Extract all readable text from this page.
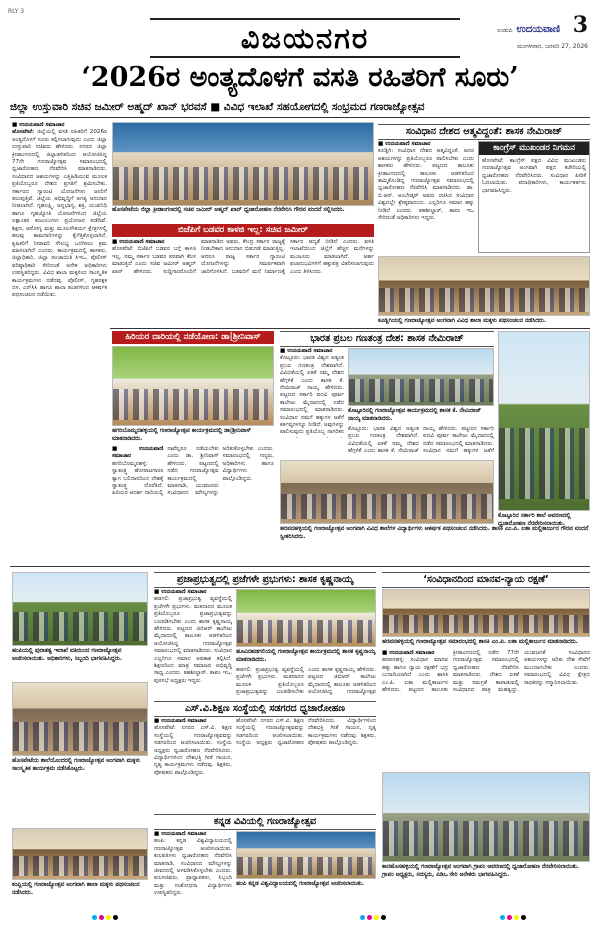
RLY 3
ವಿಜಯನಗರ	ಉಡುಪಿ ಉದಯವಾಣಿ 3
ಮಂಗಳವಾರ, ಜನವರಿ 27, 2026
‘2026ರ ಅಂತ್ಯದೊಳಗೆ ವಸತಿ ರಹಿತರಿಗೆ ಸೂರು’
ಜಿಲ್ಲಾ ಉಸ್ತುವಾರಿ ಸಚಿವ ಜಮೀರ್ ಅಹ್ಮದ್ ಖಾನ್ ಭರವಸೆ ■ ವಿವಿಧ ಇಲಾಖೆ ಸಹಯೋಗದಲ್ಲಿ ಸಂಭ್ರಮದ ಗಣರಾಜ್ಯೋತ್ಸವ
■ ಉದಯವಾಣಿ ಸಮಾಚಾರ

ಹೊಸಪೇಟೆ: ಜಿಲ್ಲೆಯಲ್ಲಿ ವಸತಿ ರಹಿತರಿಗೆ 2026ರ ಅಂತ್ಯದೊಳಗೆ ಸೂರು ಕಲ್ಪಿಸಲಾಗುವುದು ಎಂದು ಜಿಲ್ಲಾ ಉಸ್ತುವಾರಿ ಸಚಿವರು ಹೇಳಿದರು. ನಗರದ ಜಿಲ್ಲಾ ಕ್ರೀಡಾಂಗಣದಲ್ಲಿ ಜಿಲ್ಲಾಡಳಿತದಿಂದ ಆಯೋಜಿಸಿದ್ದ 77ನೇ ಗಣರಾಜ್ಯೋತ್ಸವ ಸಮಾರಂಭದಲ್ಲಿ ಧ್ವಜಾರೋಹಣ ನೆರವೇರಿಸಿ ಮಾತನಾಡಿದರು. ಸಂವಿಧಾನದ ಆಶಯಗಳನ್ನು ಎತ್ತಿಹಿಡಿಯುವ ಮೂಲಕ ಪ್ರತಿಯೊಬ್ಬರೂ ದೇಶದ ಪ್ರಗತಿಗೆ ಶ್ರಮಿಸಬೇಕು. ಸರ್ಕಾರದ ಗ್ಯಾರಂಟಿ ಯೋಜನೆಗಳು ಜನರಿಗೆ ತಲುಪುತ್ತಿವೆ. ಜಿಲ್ಲೆಯ ಅಭಿವೃದ್ಧಿಗೆ ಅಗತ್ಯ ಅನುದಾನ ನೀಡಲಾಗಿದೆ. ಗೃಹಲಕ್ಷ್ಮಿ, ಅನ್ನಭಾಗ್ಯ, ಶಕ್ತಿ, ಯುವನಿಧಿ ಹಾಗೂ ಗೃಹಜ್ಯೋತಿ ಯೋಜನೆಗಳಿಂದ ಜಿಲ್ಲೆಯ ಲಕ್ಷಾಂತರ ಕುಟುಂಬಗಳು ಪ್ರಯೋಜನ ಪಡೆದಿವೆ. ಶಿಕ್ಷಣ, ಆರೋಗ್ಯ ಮತ್ತು ಮೂಲಸೌಕರ್ಯ ಕ್ಷೇತ್ರಗಳಲ್ಲಿ ಹಲವು ಕಾಮಗಾರಿಗಳನ್ನು ಕೈಗೆತ್ತಿಕೊಳ್ಳಲಾಗಿದೆ. ಕೃಷಿಕರಿಗೆ ನೀರಾವರಿ ಸೌಲಭ್ಯ ಒದಗಿಸಲು ಕ್ರಮ ವಹಿಸಲಾಗಿದೆ ಎಂದರು. ಕಾರ್ಯಕ್ರಮದಲ್ಲಿ ಶಾಸಕರು, ಜಿಲ್ಲಾಧಿಕಾರಿ, ಜಿಲ್ಲಾ ಪಂಚಾಯಿತಿ ಸಿಇಒ, ಪೊಲೀಸ್ ವರಿಷ್ಠಾಧಿಕಾರಿ ಸೇರಿದಂತೆ ಅನೇಕ ಅಧಿಕಾರಿಗಳು ಉಪಸ್ಥಿತರಿದ್ದರು. ವಿವಿಧ ಶಾಲಾ ಮಕ್ಕಳಿಂದ ಸಾಂಸ್ಕೃತಿಕ ಕಾರ್ಯಕ್ರಮಗಳು ನಡೆದವು. ಪೊಲೀಸ್, ಗೃಹರಕ್ಷಕ ದಳ, ಎನ್‌ಸಿಸಿ ಹಾಗೂ ಶಾಲಾ ತಂಡಗಳಿಂದ ಆಕರ್ಷಕ ಪಥಸಂಚಲನ ನಡೆಯಿತು.

ಹೊಸಪೇಟೆಯ ಜಿಲ್ಲಾ ಕ್ರೀಡಾಂಗಣದಲ್ಲಿ ಸಚಿವ ಜಮೀರ್ ಅಹ್ಮದ್ ಖಾನ್ ಧ್ವಜಾರೋಹಣ ನೆರವೇರಿಸಿ ಗೌರವ ವಂದನೆ ಸಲ್ಲಿಸಿದರು.
ಬಿಜೆಪಿಗೆ ಬಡವರ ಕಾಳಜಿ ಇಲ್ಲ: ಸಚಿವ ಜಮೀರ್
■ ಉದಯವಾಣಿ ಸಮಾಚಾರ
ಹೊಸಪೇಟೆ: ಬಿಜೆಪಿಗೆ ಬಡವರ ಬಗ್ಗೆ ಕಾಳಜಿ ಇಲ್ಲ. ನಮ್ಮ ಸರ್ಕಾರ ಬಡವರ ಪರವಾಗಿ ಕೆಲಸ ಮಾಡುತ್ತಿದೆ ಎಂದು ಸಚಿವ ಜಮೀರ್ ಅಹ್ಮದ್ ಖಾನ್ ಹೇಳಿದರು. ಸುದ್ದಿಗಾರರೊಂದಿಗೆ ಮಾತನಾಡಿದ ಅವರು, ಕೇಂದ್ರ ಸರ್ಕಾರ ರಾಜ್ಯಕ್ಕೆ ನೀಡಬೇಕಾದ ಅನುದಾನ ಬಿಡುಗಡೆ ಮಾಡುತ್ತಿಲ್ಲ. ಆದರೂ ರಾಜ್ಯ ಸರ್ಕಾರ ಗ್ಯಾರಂಟಿ ಯೋಜನೆಗಳನ್ನು ಸಮರ್ಪಕವಾಗಿ ಜಾರಿಗೊಳಿಸಿದೆ. ಬಡವರಿಗೆ ಮನೆ ನಿರ್ಮಾಣಕ್ಕೆ ಸರ್ಕಾರ ಆದ್ಯತೆ ನೀಡಿದೆ ಎಂದರು. ವಸತಿ ಇಲಾಖೆಯಿಂದ ಜಿಲ್ಲೆಗೆ ಹೆಚ್ಚಿನ ಮನೆಗಳನ್ನು ಮಂಜೂರು ಮಾಡಲಾಗಿದೆ. ಅರ್ಹ ಫಲಾನುಭವಿಗಳಿಗೆ ಹಕ್ಕುಪತ್ರ ವಿತರಿಸಲಾಗುವುದು ಎಂದು ತಿಳಿಸಿದರು.
ಸಂವಿಧಾನ ದೇಶದ ಆತ್ಮವಿದ್ದಂತೆ: ಶಾಸಕ ನೇಮಿರಾಜ್
■ ಉದಯವಾಣಿ ಸಮಾಚಾರ
ಕೂಡ್ಲಿಗಿ: ಸಂವಿಧಾನ ದೇಶದ ಆತ್ಮವಿದ್ದಂತೆ. ಅದರ ಆಶಯಗಳನ್ನು ಪ್ರತಿಯೊಬ್ಬರೂ ಪಾಲಿಸಬೇಕು ಎಂದು ಶಾಸಕರು ಹೇಳಿದರು. ಪಟ್ಟಣದ ತಾಲೂಕು ಕ್ರೀಡಾಂಗಣದಲ್ಲಿ ತಾಲೂಕು ಆಡಳಿತದಿಂದ ಹಮ್ಮಿಕೊಂಡಿದ್ದ ಗಣರಾಜ್ಯೋತ್ಸವ ಸಮಾರಂಭದಲ್ಲಿ ಧ್ವಜಾರೋಹಣ ನೆರವೇರಿಸಿ ಮಾತನಾಡಿದರು. ಡಾ. ಬಿ.ಆರ್. ಅಂಬೇಡ್ಕರ್ ಅವರು ರಚಿಸಿದ ಸಂವಿಧಾನ ವಿಶ್ವದಲ್ಲೇ ಶ್ರೇಷ್ಠವಾದುದು. ಎಲ್ಲರಿಗೂ ಸಮಾನ ಹಕ್ಕು ನೀಡಿದೆ ಎಂದರು. ತಹಶೀಲ್ದಾರ್, ತಾಪಂ ಇಒ ಸೇರಿದಂತೆ ಅಧಿಕಾರಿಗಳು ಇದ್ದರು.
ಕಾಂಗ್ರೆಸ್ ಮುಖಂಡರ ನಿಗಮನ
ಹೊಸಪೇಟೆ: ಕಾಂಗ್ರೆಸ್ ಪಕ್ಷದ ವಿವಿಧ ಮುಖಂಡರು ಗಣರಾಜ್ಯೋತ್ಸವ ಅಂಗವಾಗಿ ಪಕ್ಷದ ಕಚೇರಿಯಲ್ಲಿ ಧ್ವಜಾರೋಹಣ ನೆರವೇರಿಸಿದರು. ಸಂವಿಧಾನ ಪೀಠಿಕೆ ಓದಲಾಯಿತು. ಪದಾಧಿಕಾರಿಗಳು, ಕಾರ್ಯಕರ್ತರು ಭಾಗವಹಿಸಿದ್ದರು.
ಕೂಡ್ಲಿಗಿಯಲ್ಲಿ ಗಣರಾಜ್ಯೋತ್ಸವ ಅಂಗವಾಗಿ ವಿವಿಧ ಶಾಲಾ ಮಕ್ಕಳು ಪಥಸಂಚಲನ ನಡೆಸಿದರು.
ಹಿರಿಯರ ದಾರಿಯಲ್ಲಿ ನಡೆಯೋಣ: ಡಾ|ಶ್ರೀನಿವಾಸ್
ಹಗರಿಬೊಮ್ಮನಹಳ್ಳಿಯಲ್ಲಿ ಗಣರಾಜ್ಯೋತ್ಸವ ಕಾರ್ಯಕ್ರಮದಲ್ಲಿ ಡಾ|ಶ್ರೀನಿವಾಸ್ ಮಾತನಾಡಿದರು.
■ ಉದಯವಾಣಿ ಸಮಾಚಾರ
ಹಗರಿಬೊಮ್ಮನಹಳ್ಳಿ: ಸ್ವಾತಂತ್ರ್ಯ ಹೋರಾಟಗಾರರ ತ್ಯಾಗ ಬಲಿದಾನದಿಂದ ದೇಶಕ್ಕೆ ಸ್ವಾತಂತ್ರ್ಯ ದೊರೆತಿದೆ. ಹಿರಿಯರ ಆದರ್ಶ ದಾರಿಯಲ್ಲಿ ನಾವೆಲ್ಲರೂ ನಡೆಯಬೇಕು ಎಂದು ಡಾ. ಶ್ರೀನಿವಾಸ್ ಹೇಳಿದರು. ಪಟ್ಟಣದಲ್ಲಿ ನಡೆದ ಗಣರಾಜ್ಯೋತ್ಸವ ಕಾರ್ಯಕ್ರಮದಲ್ಲಿ ಮಾತನಾಡಿ, ಯುವಜನರು ಸಂವಿಧಾನದ ಮೌಲ್ಯಗಳನ್ನು ಅರಿತುಕೊಳ್ಳಬೇಕು ಎಂದರು. ಸಮಾರಂಭದಲ್ಲಿ ಗಣ್ಯರು, ಅಧಿಕಾರಿಗಳು ಹಾಗೂ ವಿದ್ಯಾರ್ಥಿಗಳು ಪಾಲ್ಗೊಂಡಿದ್ದರು.
ಭಾರತ ಪ್ರಬಲ ಗಣತಂತ್ರ ದೇಶ: ಶಾಸಕ ನೇಮಿರಾಜ್
■ ಉದಯವಾಣಿ ಸಮಾಚಾರ
ಕೊಟ್ಟೂರು: ಭಾರತ ವಿಶ್ವದ ಅತ್ಯಂತ ಪ್ರಬಲ ಗಣತಂತ್ರ ದೇಶವಾಗಿದೆ. ವಿವಿಧತೆಯಲ್ಲಿ ಏಕತೆ ನಮ್ಮ ದೇಶದ ಹೆಗ್ಗಳಿಕೆ ಎಂದು ಶಾಸಕ ಕೆ. ನೇಮಿರಾಜ್ ನಾಯ್ಕ ಹೇಳಿದರು. ಪಟ್ಟಣದ ಸರ್ಕಾರಿ ಪದವಿ ಪೂರ್ವ ಕಾಲೇಜು ಮೈದಾನದಲ್ಲಿ ನಡೆದ ಸಮಾರಂಭದಲ್ಲಿ ಮಾತನಾಡಿದರು. ಸಂವಿಧಾನ ನಮಗೆ ಹಕ್ಕುಗಳ ಜತೆಗೆ ಕರ್ತವ್ಯಗಳನ್ನೂ ನೀಡಿದೆ. ಅವುಗಳನ್ನು ಪಾಲಿಸುವುದು ಪ್ರತಿಯೊಬ್ಬ ನಾಗರಿಕನ
ಕೊಟ್ಟೂರಿನಲ್ಲಿ ಗಣರಾಜ್ಯೋತ್ಸವ ಕಾರ್ಯಕ್ರಮದಲ್ಲಿ ಶಾಸಕ ಕೆ. ನೇಮಿರಾಜ್ ನಾಯ್ಕ ಮಾತನಾಡಿದರು.
ಕೊಟ್ಟೂರು: ಭಾರತ ವಿಶ್ವದ ಅತ್ಯಂತ ಪ್ರಬಲ ಗಣತಂತ್ರ ದೇಶವಾಗಿದೆ. ವಿವಿಧತೆಯಲ್ಲಿ ಏಕತೆ ನಮ್ಮ ದೇಶದ ಹೆಗ್ಗಳಿಕೆ ಎಂದು ಶಾಸಕ ಕೆ. ನೇಮಿರಾಜ್ ನಾಯ್ಕ ಹೇಳಿದರು. ಪಟ್ಟಣದ ಸರ್ಕಾರಿ ಪದವಿ ಪೂರ್ವ ಕಾಲೇಜು ಮೈದಾನದಲ್ಲಿ ನಡೆದ ಸಮಾರಂಭದಲ್ಲಿ ಮಾತನಾಡಿದರು. ಸಂವಿಧಾನ ನಮಗೆ ಹಕ್ಕುಗಳ ಜತೆಗೆ
ಕೊಟ್ಟೂರಿನ ಸರ್ಕಾರಿ ಶಾಲೆ ಆವರಣದಲ್ಲಿ ಧ್ವಜಾರೋಹಣ ನೆರವೇರಿಸಲಾಯಿತು.
ಹರಪನಹಳ್ಳಿಯಲ್ಲಿ ಗಣರಾಜ್ಯೋತ್ಸವ ಅಂಗವಾಗಿ ವಿವಿಧ ಶಾಲೆಗಳ ವಿದ್ಯಾರ್ಥಿಗಳು ಆಕರ್ಷಕ ಪಥಸಂಚಲನ ನಡೆಸಿದರು. ಶಾಸಕಿ ಎಂ.ಪಿ. ಲತಾ ಮಲ್ಲಿಕಾರ್ಜುನ ಗೌರವ ವಂದನೆ ಸ್ವೀಕರಿಸಿದರು.
ಹಂಪಿಯಲ್ಲಿ ಪುರಾತತ್ವ ಇಲಾಖೆ ವತಿಯಿಂದ ಗಣರಾಜ್ಯೋತ್ಸವ ಆಚರಿಸಲಾಯಿತು. ಅಧಿಕಾರಿಗಳು, ಸಿಬ್ಬಂದಿ ಭಾಗವಹಿಸಿದ್ದರು.
ಹೊಸಪೇಟೆಯ ಶಾಲೆಯೊಂದರಲ್ಲಿ ಗಣರಾಜ್ಯೋತ್ಸವ ಅಂಗವಾಗಿ ಮಕ್ಕಳು ಸಾಂಸ್ಕೃತಿಕ ಕಾರ್ಯಕ್ರಮ ನಡೆಸಿಕೊಟ್ಟರು.
ಕಂಪ್ಲಿಯಲ್ಲಿ ಗಣರಾಜ್ಯೋತ್ಸವ ಅಂಗವಾಗಿ ಶಾಲಾ ಮಕ್ಕಳು ಪಥಸಂಚಲನ ನಡೆಸಿದರು.
ಪ್ರಜಾಪ್ರಭುತ್ವದಲ್ಲಿ ಪ್ರಜೆಗಳೇ ಪ್ರಭುಗಳು: ಶಾಸಕ ಕೃಷ್ಣನಾಯ್ಕ
■ ಉದಯವಾಣಿ ಸಮಾಚಾರ
ಹಡಗಲಿ: ಪ್ರಜಾಪ್ರಭುತ್ವ ವ್ಯವಸ್ಥೆಯಲ್ಲಿ ಪ್ರಜೆಗಳೇ ಪ್ರಭುಗಳು. ಮತದಾನದ ಮೂಲಕ ಪ್ರತಿಯೊಬ್ಬರೂ ಪ್ರಜಾಪ್ರಭುತ್ವವನ್ನು ಬಲಪಡಿಸಬೇಕು ಎಂದು ಶಾಸಕ ಕೃಷ್ಣನಾಯ್ಕ ಹೇಳಿದರು. ಪಟ್ಟಣದ ಜಿಬಿಆರ್ ಕಾಲೇಜು ಮೈದಾನದಲ್ಲಿ ತಾಲೂಕು ಆಡಳಿತದಿಂದ ಆಯೋಜಿಸಿದ್ದ ಗಣರಾಜ್ಯೋತ್ಸವ ಸಮಾರಂಭದಲ್ಲಿ ಮಾತನಾಡಿದರು. ಸಂವಿಧಾನ ಎಲ್ಲರಿಗೂ ಸಮಾನ ಅವಕಾಶ ಕಲ್ಪಿಸಿದೆ. ಶಿಕ್ಷಣದಿಂದ ಮಾತ್ರ ಸಮಾಜದ ಅಭಿವೃದ್ಧಿ ಸಾಧ್ಯ ಎಂದರು. ತಹಶೀಲ್ದಾರ್, ತಾಪಂ ಇಒ, ಪುರಸಭೆ ಅಧ್ಯಕ್ಷರು ಇದ್ದರು.
ಹೂವಿನಹಡಗಲಿಯಲ್ಲಿ ಗಣರಾಜ್ಯೋತ್ಸವ ಕಾರ್ಯಕ್ರಮದಲ್ಲಿ ಶಾಸಕ ಕೃಷ್ಣನಾಯ್ಕ ಮಾತನಾಡಿದರು.
ಹಡಗಲಿ: ಪ್ರಜಾಪ್ರಭುತ್ವ ವ್ಯವಸ್ಥೆಯಲ್ಲಿ ಪ್ರಜೆಗಳೇ ಪ್ರಭುಗಳು. ಮತದಾನದ ಮೂಲಕ ಪ್ರತಿಯೊಬ್ಬರೂ ಪ್ರಜಾಪ್ರಭುತ್ವವನ್ನು ಬಲಪಡಿಸಬೇಕು ಎಂದು ಶಾಸಕ ಕೃಷ್ಣನಾಯ್ಕ ಹೇಳಿದರು. ಪಟ್ಟಣದ ಜಿಬಿಆರ್ ಕಾಲೇಜು ಮೈದಾನದಲ್ಲಿ ತಾಲೂಕು ಆಡಳಿತದಿಂದ ಆಯೋಜಿಸಿದ್ದ ಗಣರಾಜ್ಯೋತ್ಸವ
ಎಸ್.ವಿ.ಶಿಕ್ಷಣ ಸಂಸ್ಥೆಯಲ್ಲಿ ಸಡಗರದ ಧ್ವಜಾರೋಹಣ
■ ಉದಯವಾಣಿ ಸಮಾಚಾರ
ಹೊಸಪೇಟೆ: ನಗರದ ಎಸ್.ವಿ. ಶಿಕ್ಷಣ ಸಂಸ್ಥೆಯಲ್ಲಿ ಗಣರಾಜ್ಯೋತ್ಸವವನ್ನು ಸಡಗರದಿಂದ ಆಚರಿಸಲಾಯಿತು. ಸಂಸ್ಥೆಯ ಅಧ್ಯಕ್ಷರು ಧ್ವಜಾರೋಹಣ ನೆರವೇರಿಸಿದರು. ವಿದ್ಯಾರ್ಥಿಗಳಿಂದ ದೇಶಭಕ್ತಿ ಗೀತೆ ಗಾಯನ, ನೃತ್ಯ ಕಾರ್ಯಕ್ರಮಗಳು ನಡೆದವು. ಶಿಕ್ಷಕರು, ಪೋಷಕರು ಪಾಲ್ಗೊಂಡಿದ್ದರು.
ಹೊಸಪೇಟೆ: ನಗರದ ಎಸ್.ವಿ. ಶಿಕ್ಷಣ ಸಂಸ್ಥೆಯಲ್ಲಿ ಗಣರಾಜ್ಯೋತ್ಸವವನ್ನು ಸಡಗರದಿಂದ ಆಚರಿಸಲಾಯಿತು. ಸಂಸ್ಥೆಯ ಅಧ್ಯಕ್ಷರು ಧ್ವಜಾರೋಹಣ ನೆರವೇರಿಸಿದರು. ವಿದ್ಯಾರ್ಥಿಗಳಿಂದ ದೇಶಭಕ್ತಿ ಗೀತೆ ಗಾಯನ, ನೃತ್ಯ ಕಾರ್ಯಕ್ರಮಗಳು ನಡೆದವು. ಶಿಕ್ಷಕರು, ಪೋಷಕರು ಪಾಲ್ಗೊಂಡಿದ್ದರು.
ಕನ್ನಡ ವಿವಿಯಲ್ಲಿ ಗಣರಾಜ್ಯೋತ್ಸವ
■ ಉದಯವಾಣಿ ಸಮಾಚಾರ
ಹಂಪಿ: ಕನ್ನಡ ವಿಶ್ವವಿದ್ಯಾಲಯದಲ್ಲಿ ಗಣರಾಜ್ಯೋತ್ಸವ ಆಚರಿಸಲಾಯಿತು. ಕುಲಪತಿಗಳು ಧ್ವಜಾರೋಹಣ ನೆರವೇರಿಸಿ ಮಾತನಾಡಿ, ಸಂವಿಧಾನದ ಮೌಲ್ಯಗಳನ್ನು ಜೀವನದಲ್ಲಿ ಅಳವಡಿಸಿಕೊಳ್ಳಬೇಕು ಎಂದರು. ಕುಲಸಚಿವರು, ಪ್ರಾಧ್ಯಾಪಕರು, ಸಿಬ್ಬಂದಿ ಮತ್ತು ಸಂಶೋಧನಾ ವಿದ್ಯಾರ್ಥಿಗಳು ಉಪಸ್ಥಿತರಿದ್ದರು.
ಹಂಪಿ ಕನ್ನಡ ವಿಶ್ವವಿದ್ಯಾಲಯದಲ್ಲಿ ಗಣರಾಜ್ಯೋತ್ಸವ ಆಚರಿಸಲಾಯಿತು.
‘ಸಂವಿಧಾನದಿಂದ ಮಾನವ-ನ್ಯಾಯ ರಕ್ಷಣೆ’
ಹರಪನಹಳ್ಳಿಯಲ್ಲಿ ಗಣರಾಜ್ಯೋತ್ಸವ ಸಮಾರಂಭದಲ್ಲಿ ಶಾಸಕಿ ಎಂ.ಪಿ. ಲತಾ ಮಲ್ಲಿಕಾರ್ಜುನ ಮಾತನಾಡಿದರು.
■ ಉದಯವಾಣಿ ಸಮಾಚಾರ
ಹರಪನಹಳ್ಳಿ: ಸಂವಿಧಾನ ಮಾನವ ಹಕ್ಕು ಹಾಗೂ ನ್ಯಾಯ ರಕ್ಷಣೆಗೆ ಭದ್ರ ಬುನಾದಿಯಾಗಿದೆ ಎಂದು ಶಾಸಕಿ ಎಂ.ಪಿ. ಲತಾ ಮಲ್ಲಿಕಾರ್ಜುನ ಹೇಳಿದರು. ಪಟ್ಟಣದ ತಾಲೂಕು ಕ್ರೀಡಾಂಗಣದಲ್ಲಿ ನಡೆದ 77ನೇ ಗಣರಾಜ್ಯೋತ್ಸವ ಸಮಾರಂಭದಲ್ಲಿ ಧ್ವಜಾರೋಹಣ ನೆರವೇರಿಸಿ ಮಾತನಾಡಿದರು. ದೇಶದ ಏಕತೆ ಮತ್ತು ಸಮಗ್ರತೆ ಕಾಪಾಡುವಲ್ಲಿ ಸಂವಿಧಾನದ ಪಾತ್ರ ಮಹತ್ವದ್ದು. ಯುವಜನತೆ ಸಂವಿಧಾನದ ಆಶಯಗಳನ್ನು ಅರಿತು ದೇಶ ಸೇವೆಗೆ ಮುಂದಾಗಬೇಕು ಎಂದರು. ಸಮಾರಂಭದಲ್ಲಿ ವಿವಿಧ ಕ್ಷೇತ್ರದ ಸಾಧಕರನ್ನು ಸನ್ಮಾನಿಸಲಾಯಿತು.
ಕಾನಹೊಸಹಳ್ಳಿಯಲ್ಲಿ ಗಣರಾಜ್ಯೋತ್ಸವ ಅಂಗವಾಗಿ ಗ್ರಾಪಂ ಆವರಣದಲ್ಲಿ ಧ್ವಜಾರೋಹಣ ನೆರವೇರಿಸಲಾಯಿತು. ಗ್ರಾಪಂ ಅಧ್ಯಕ್ಷರು, ಸದಸ್ಯರು, ಪಿಡಿಒ ಸೇರಿ ಅನೇಕರು ಭಾಗವಹಿಸಿದ್ದರು.
